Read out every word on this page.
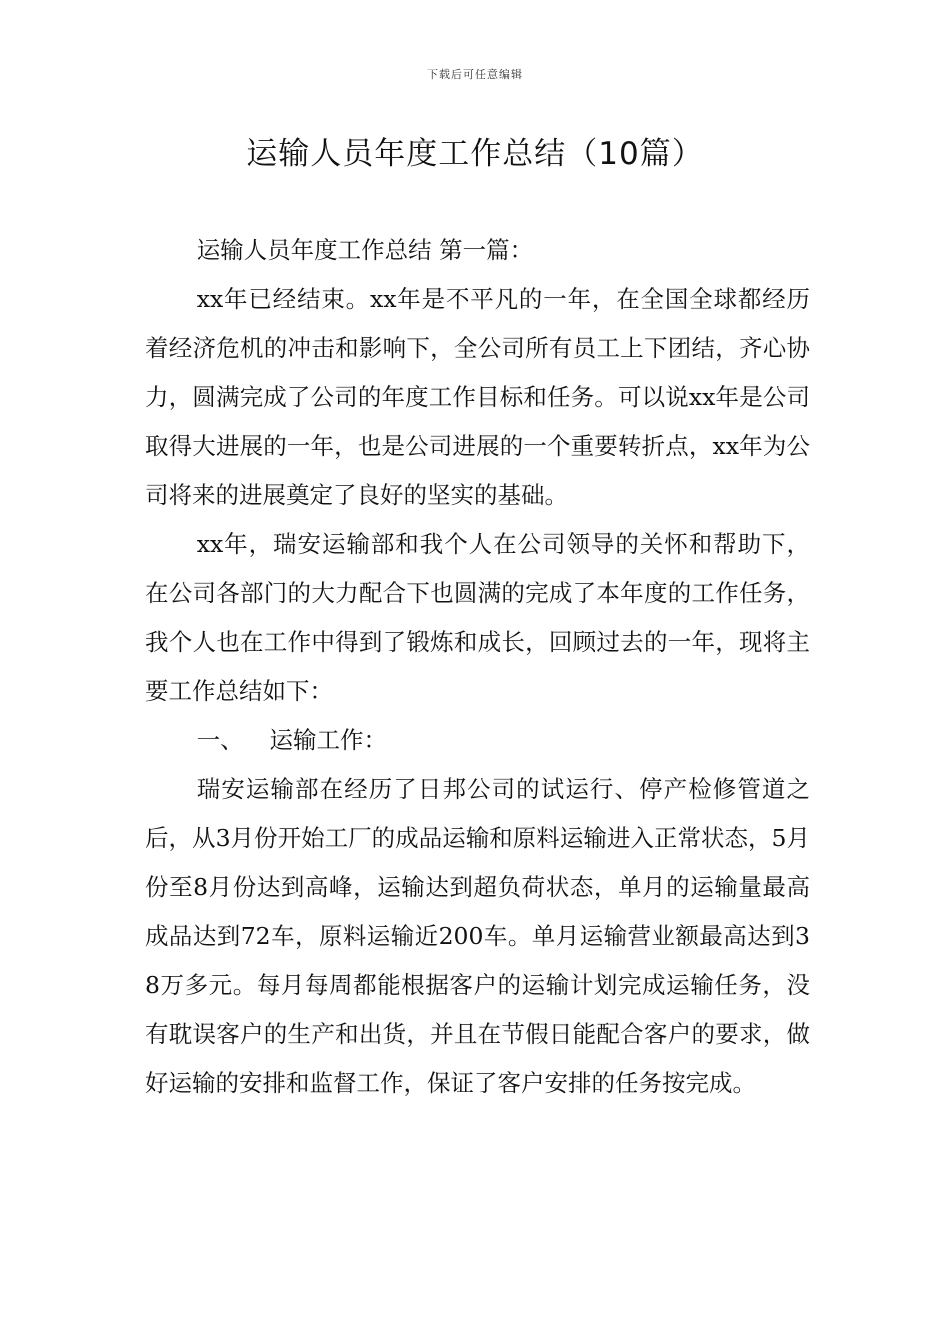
下载后可任意编辑
运输人员年度工作总结（10篇）

运输人员年度工作总结 第一篇：

xx年已经结束。xx年是不平凡的一年，在全国全球都经历着经济危机的冲击和影响下，全公司所有员工上下团结，齐心协力，圆满完成了公司的年度工作目标和任务。可以说xx年是公司取得大进展的一年，也是公司进展的一个重要转折点，xx年为公司将来的进展奠定了良好的坚实的基础。

xx年，瑞安运输部和我个人在公司领导的关怀和帮助下，在公司各部门的大力配合下也圆满的完成了本年度的工作任务，我个人也在工作中得到了锻炼和成长，回顾过去的一年，现将主要工作总结如下：

一、 运输工作：

瑞安运输部在经历了日邦公司的试运行、停产检修管道之后，从3月份开始工厂的成品运输和原料运输进入正常状态，5月份至8月份达到高峰，运输达到超负荷状态，单月的运输量最高成品达到72车，原料运输近200车。单月运输营业额最高达到38万多元。每月每周都能根据客户的运输计划完成运输任务，没有耽误客户的生产和出货，并且在节假日能配合客户的要求，做好运输的安排和监督工作，保证了客户安排的任务按完成。
